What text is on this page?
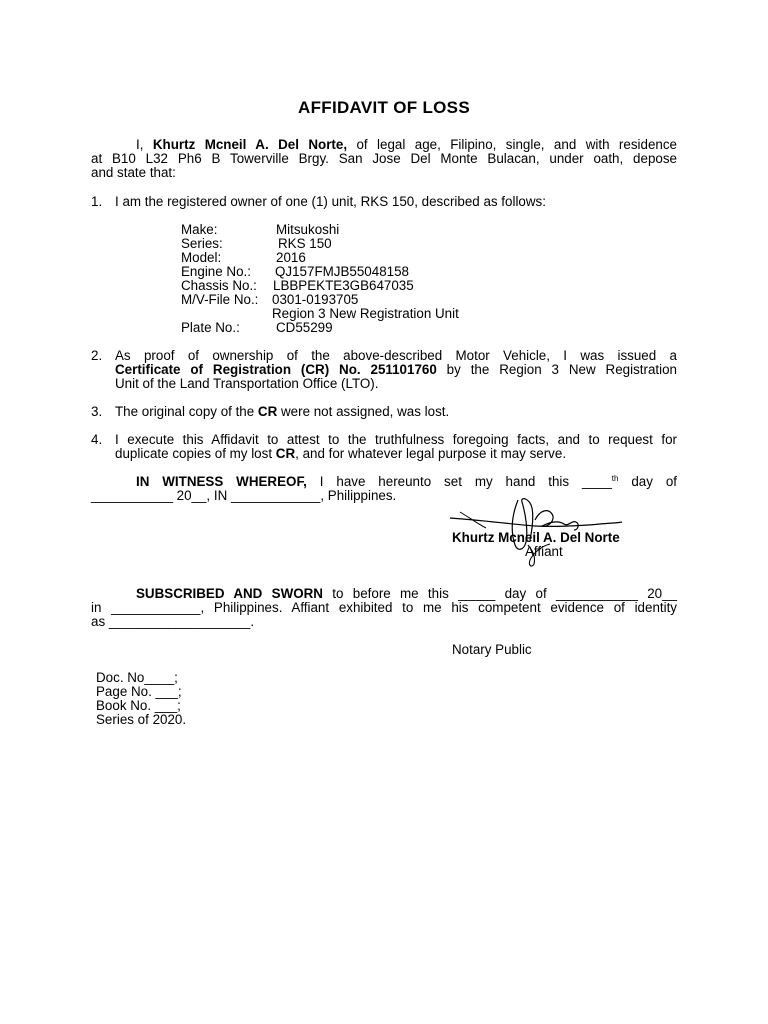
AFFIDAVIT OF LOSS
I, Khurtz Mcneil A. Del Norte, of legal age, Filipino, single, and with residence
at B10 L32 Ph6 B Towerville Brgy. San Jose Del Monte Bulacan, under oath, depose
and state that:
1. I am the registered owner of one (1) unit, RKS 150, described as follows:
Make:	Mitsukoshi
Series:	RKS 150
Model:	2016
Engine No.: QJ157FMJB55048158
Chassis No.: LBBPEKTE3GB647035
M/V-File No.: 0301-0193705
Region 3 New Registration Unit
Plate No.:	CD55299
2. As proof of ownership of the above-described Motor Vehicle, I was issued a
Certificate of Registration (CR) No. 251101760 by the Region 3 New Registration
Unit of the Land Transportation Office (LTO).
3. The original copy of the CR were not assigned, was lost.
4. I execute this Affidavit to attest to the truthfulness foregoing facts, and to request for
duplicate copies of my lost CR, and for whatever legal purpose it may serve.
IN WITNESS WHEREOF, I have hereunto set my hand this ____$^{th}$ day of
___________ 20__, IN ____________, Philippines.
Khurtz Mcneil A. Del Norte
Affiant
SUBSCRIBED AND SWORN to before me this _____ day of ___________ 20__
in ____________, Philippines. Affiant exhibited to me his competent evidence of identity
as ___________________.
Notary Public
Doc. No____;
Page No. ___;
Book No. ___;
Series of 2020.
